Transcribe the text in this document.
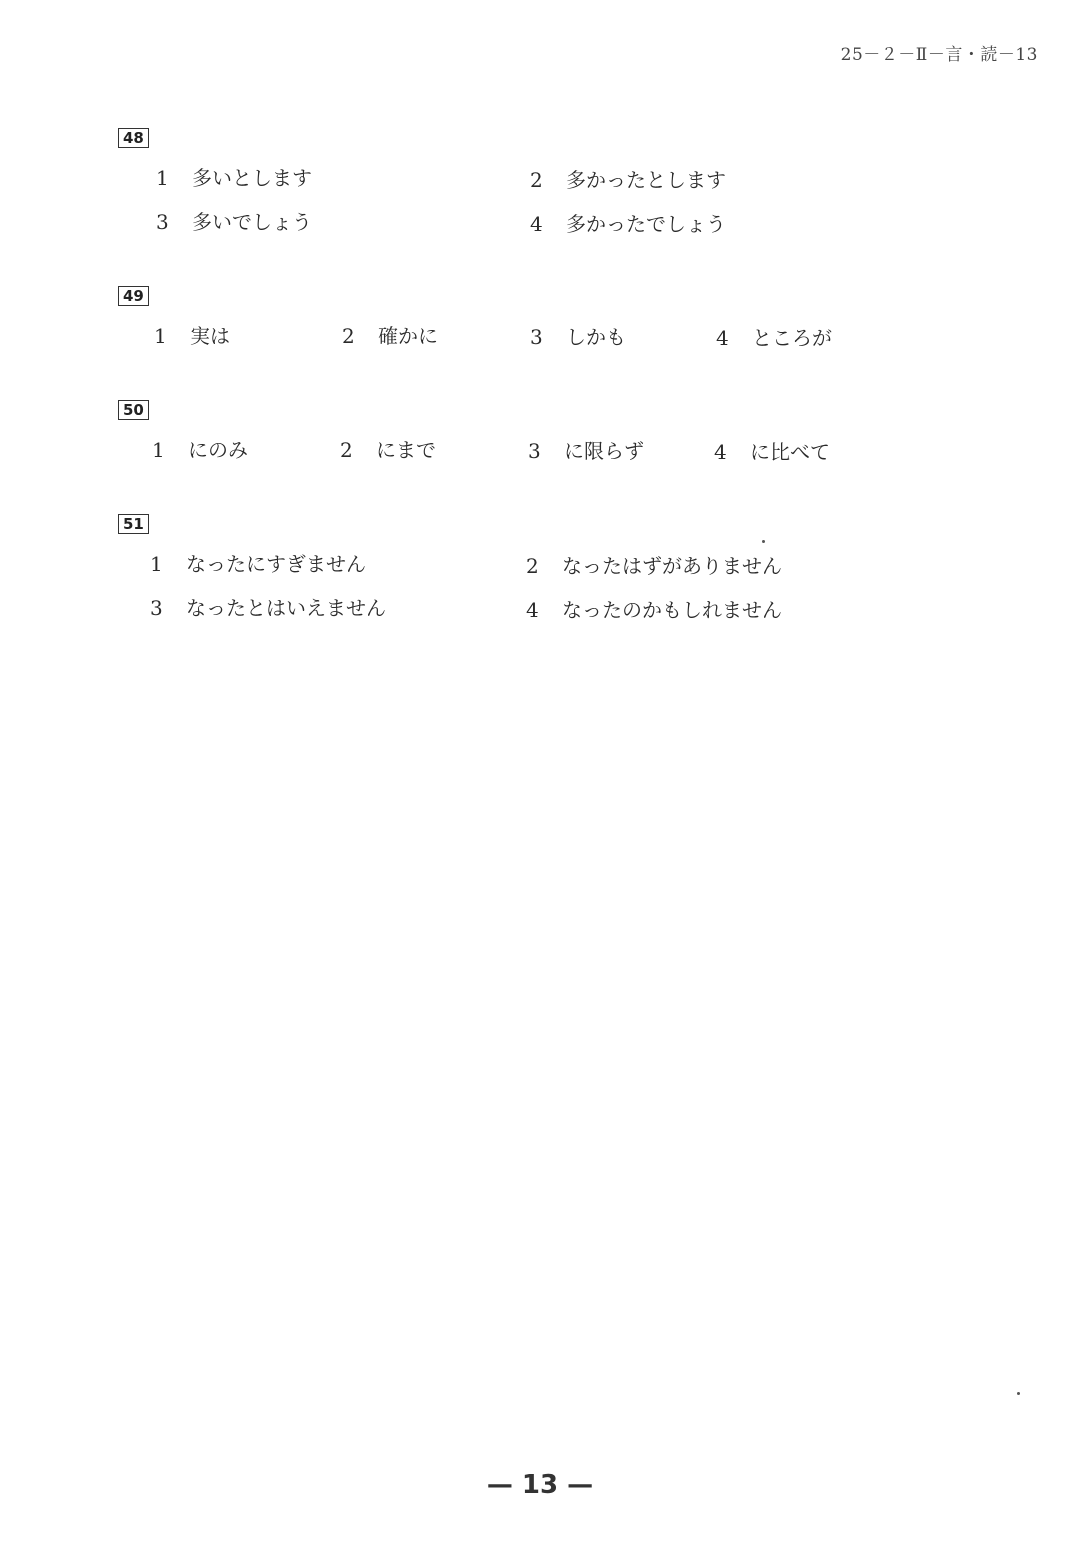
25－２－Ⅱ－言・読－13
48
1 多いとします	2 多かったとします
3 多いでしょう	4 多かったでしょう
49
1 実は	2 確かに	3 しかも	4 ところが
50
1 にのみ	2 にまで	3 に限らず	4 に比べて
51
1 なったにすぎません	2 なったはずがありません
3 なったとはいえません	4 なったのかもしれません
— 13 —
